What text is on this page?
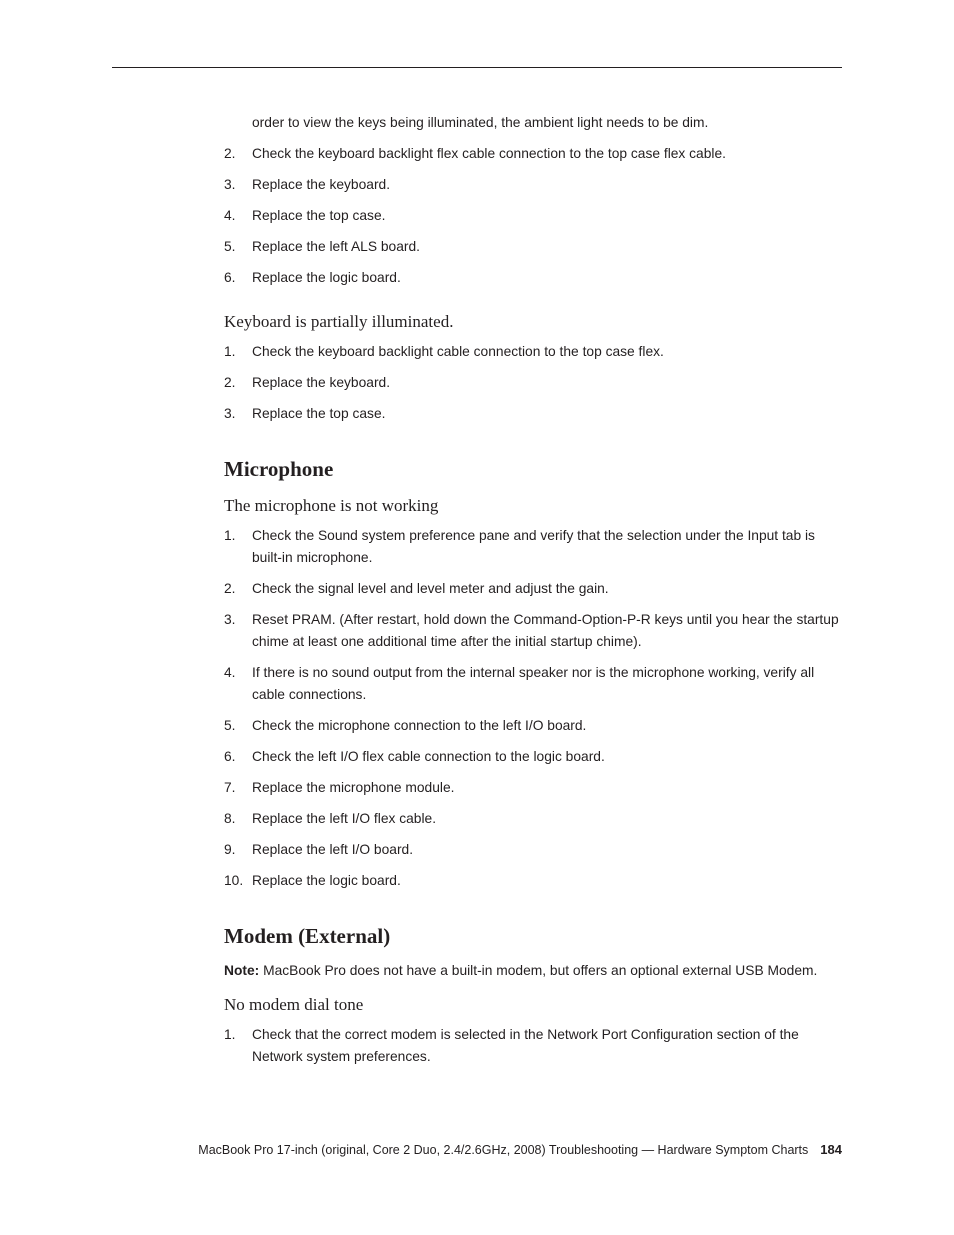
order to view the keys being illuminated, the ambient light needs to be dim.
2. Check the keyboard backlight flex cable connection to the top case flex cable.
3. Replace the keyboard.
4. Replace the top case.
5. Replace the left ALS board.
6. Replace the logic board.
Keyboard is partially illuminated.
1. Check the keyboard backlight cable connection to the top case flex.
2. Replace the keyboard.
3. Replace the top case.
Microphone
The microphone is not working
1. Check the Sound system preference pane and verify that the selection under the Input tab is built-in microphone.
2. Check the signal level and level meter and adjust the gain.
3. Reset PRAM. (After restart, hold down the Command-Option-P-R keys until you hear the startup chime at least one additional time after the initial startup chime).
4. If there is no sound output from the internal speaker nor is the microphone working, verify all cable connections.
5. Check the microphone connection to the left I/O board.
6. Check the left I/O flex cable connection to the logic board.
7. Replace the microphone module.
8. Replace the left I/O flex cable.
9. Replace the left I/O board.
10. Replace the logic board.
Modem (External)
Note: MacBook Pro does not have a built-in modem, but offers an optional external USB Modem.
No modem dial tone
1. Check that the correct modem is selected in the Network Port Configuration section of the Network system preferences.
MacBook Pro 17-inch (original, Core 2 Duo, 2.4/2.6GHz, 2008) Troubleshooting — Hardware Symptom Charts 184
